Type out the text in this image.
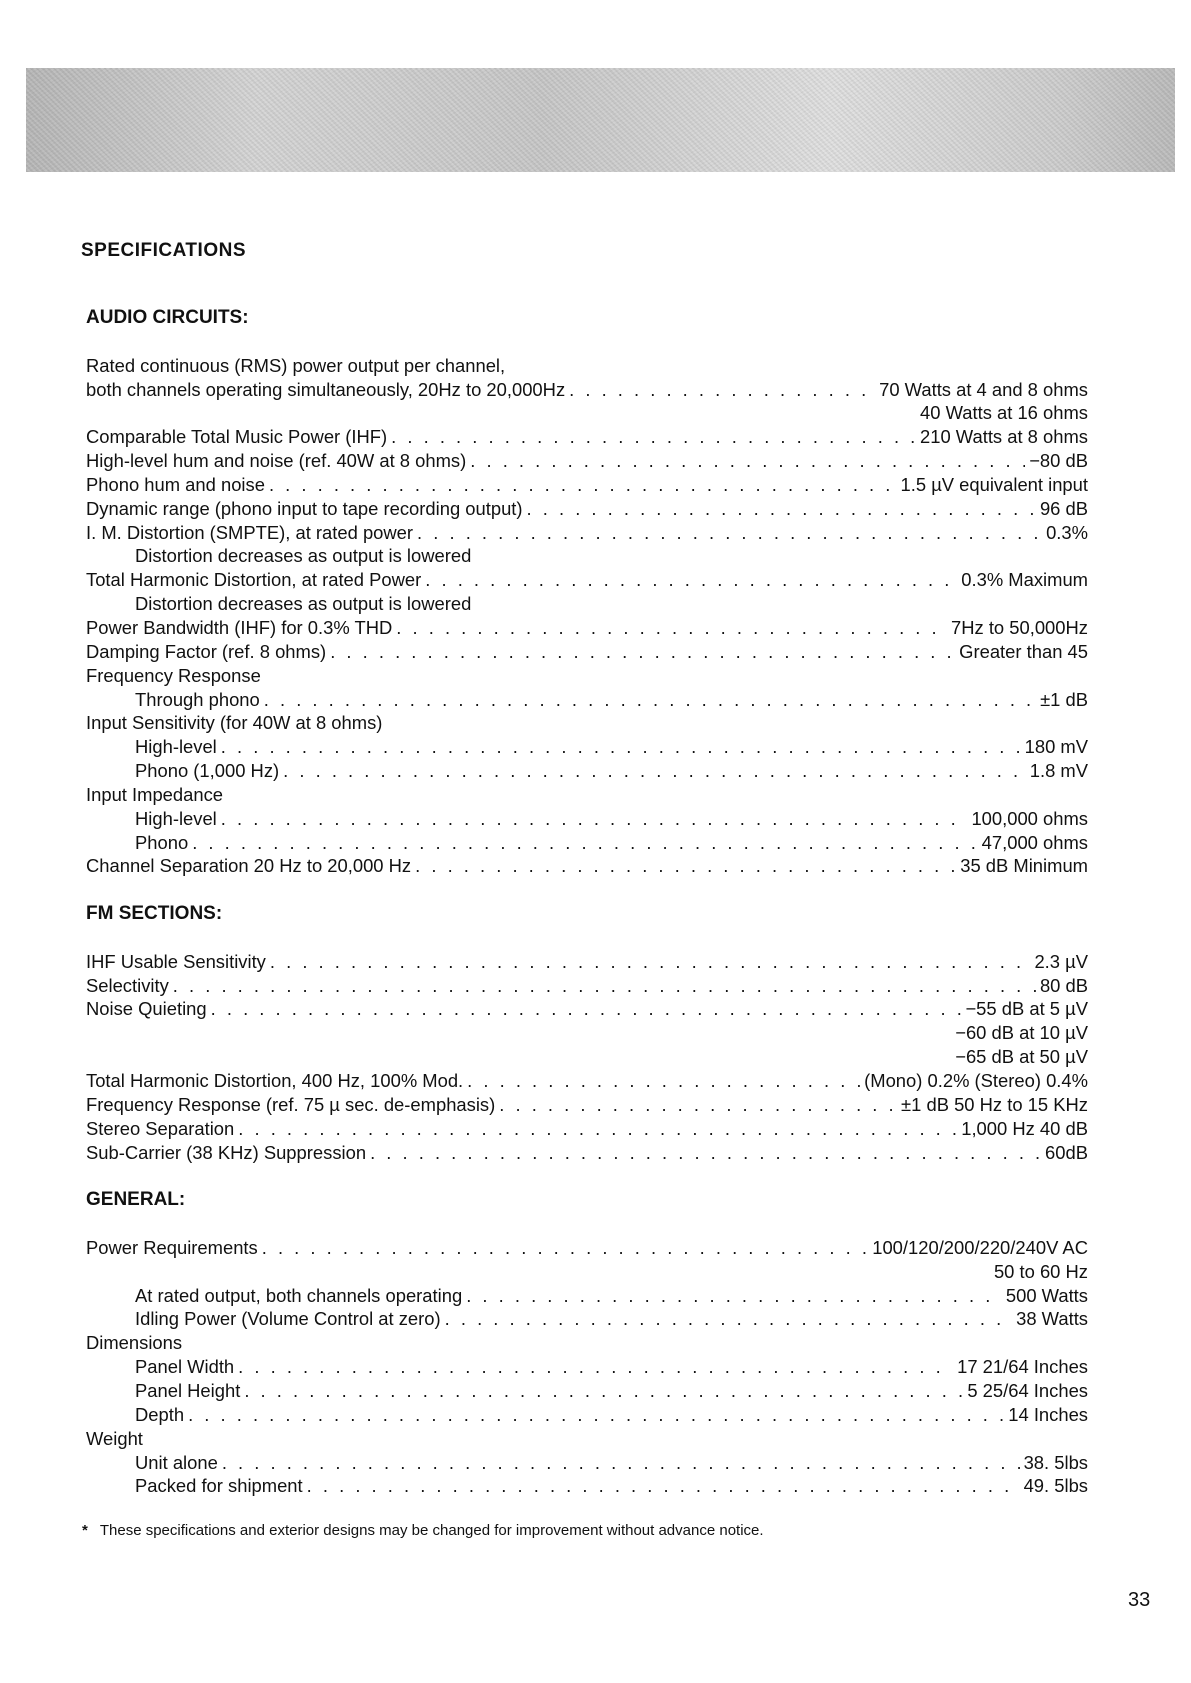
SPECIFICATIONS
AUDIO CIRCUITS:
Rated continuous (RMS) power output per channel,
both channels operating simultaneously, 20Hz to 20,000Hz . . .	70 Watts at 4 and 8 ohms
40 Watts at 16 ohms
Comparable Total Music Power (IHF) . . .	210 Watts at 8 ohms
High-level hum and noise (ref. 40W at 8 ohms) . . .	−80 dB
Phono hum and noise . . .	1.5 µV equivalent input
Dynamic range (phono input to tape recording output) . . .	96 dB
I. M. Distortion (SMPTE), at rated power . . .	0.3%
Distortion decreases as output is lowered
Total Harmonic Distortion, at rated Power . . .	0.3% Maximum
Distortion decreases as output is lowered
Power Bandwidth (IHF) for 0.3% THD . . .	7Hz to 50,000Hz
Damping Factor (ref. 8 ohms) . . .	Greater than 45
Frequency Response
Through phono . . .	±1 dB
Input Sensitivity (for 40W at 8 ohms)
High-level . . .	180 mV
Phono (1,000 Hz) . . .	1.8 mV
Input Impedance
High-level . . .	100,000 ohms
Phono . . .	47,000 ohms
Channel Separation 20 Hz to 20,000 Hz . . .	35 dB Minimum
FM SECTIONS:
IHF Usable Sensitivity . . .	2.3 µV
Selectivity . . .	80 dB
Noise Quieting . . .	−55 dB at 5 µV
−60 dB at 10 µV
−65 dB at 50 µV
Total Harmonic Distortion, 400 Hz, 100% Mod. . . .	(Mono) 0.2% (Stereo) 0.4%
Frequency Response (ref. 75 µ sec. de-emphasis) . . .	±1 dB 50 Hz to 15 KHz
Stereo Separation . . .	1,000 Hz 40 dB
Sub-Carrier (38 KHz) Suppression . . .	60dB
GENERAL:
Power Requirements . . .	100/120/200/220/240V AC
50 to 60 Hz
At rated output, both channels operating . . .	500 Watts
Idling Power (Volume Control at zero) . . .	38 Watts
Dimensions
Panel Width . . .	17 21/64 Inches
Panel Height . . .	5 25/64 Inches
Depth . . .	14 Inches
Weight
Unit alone . . .	38. 5lbs
Packed for shipment . . .	49. 5lbs
* These specifications and exterior designs may be changed for improvement without advance notice.
33
